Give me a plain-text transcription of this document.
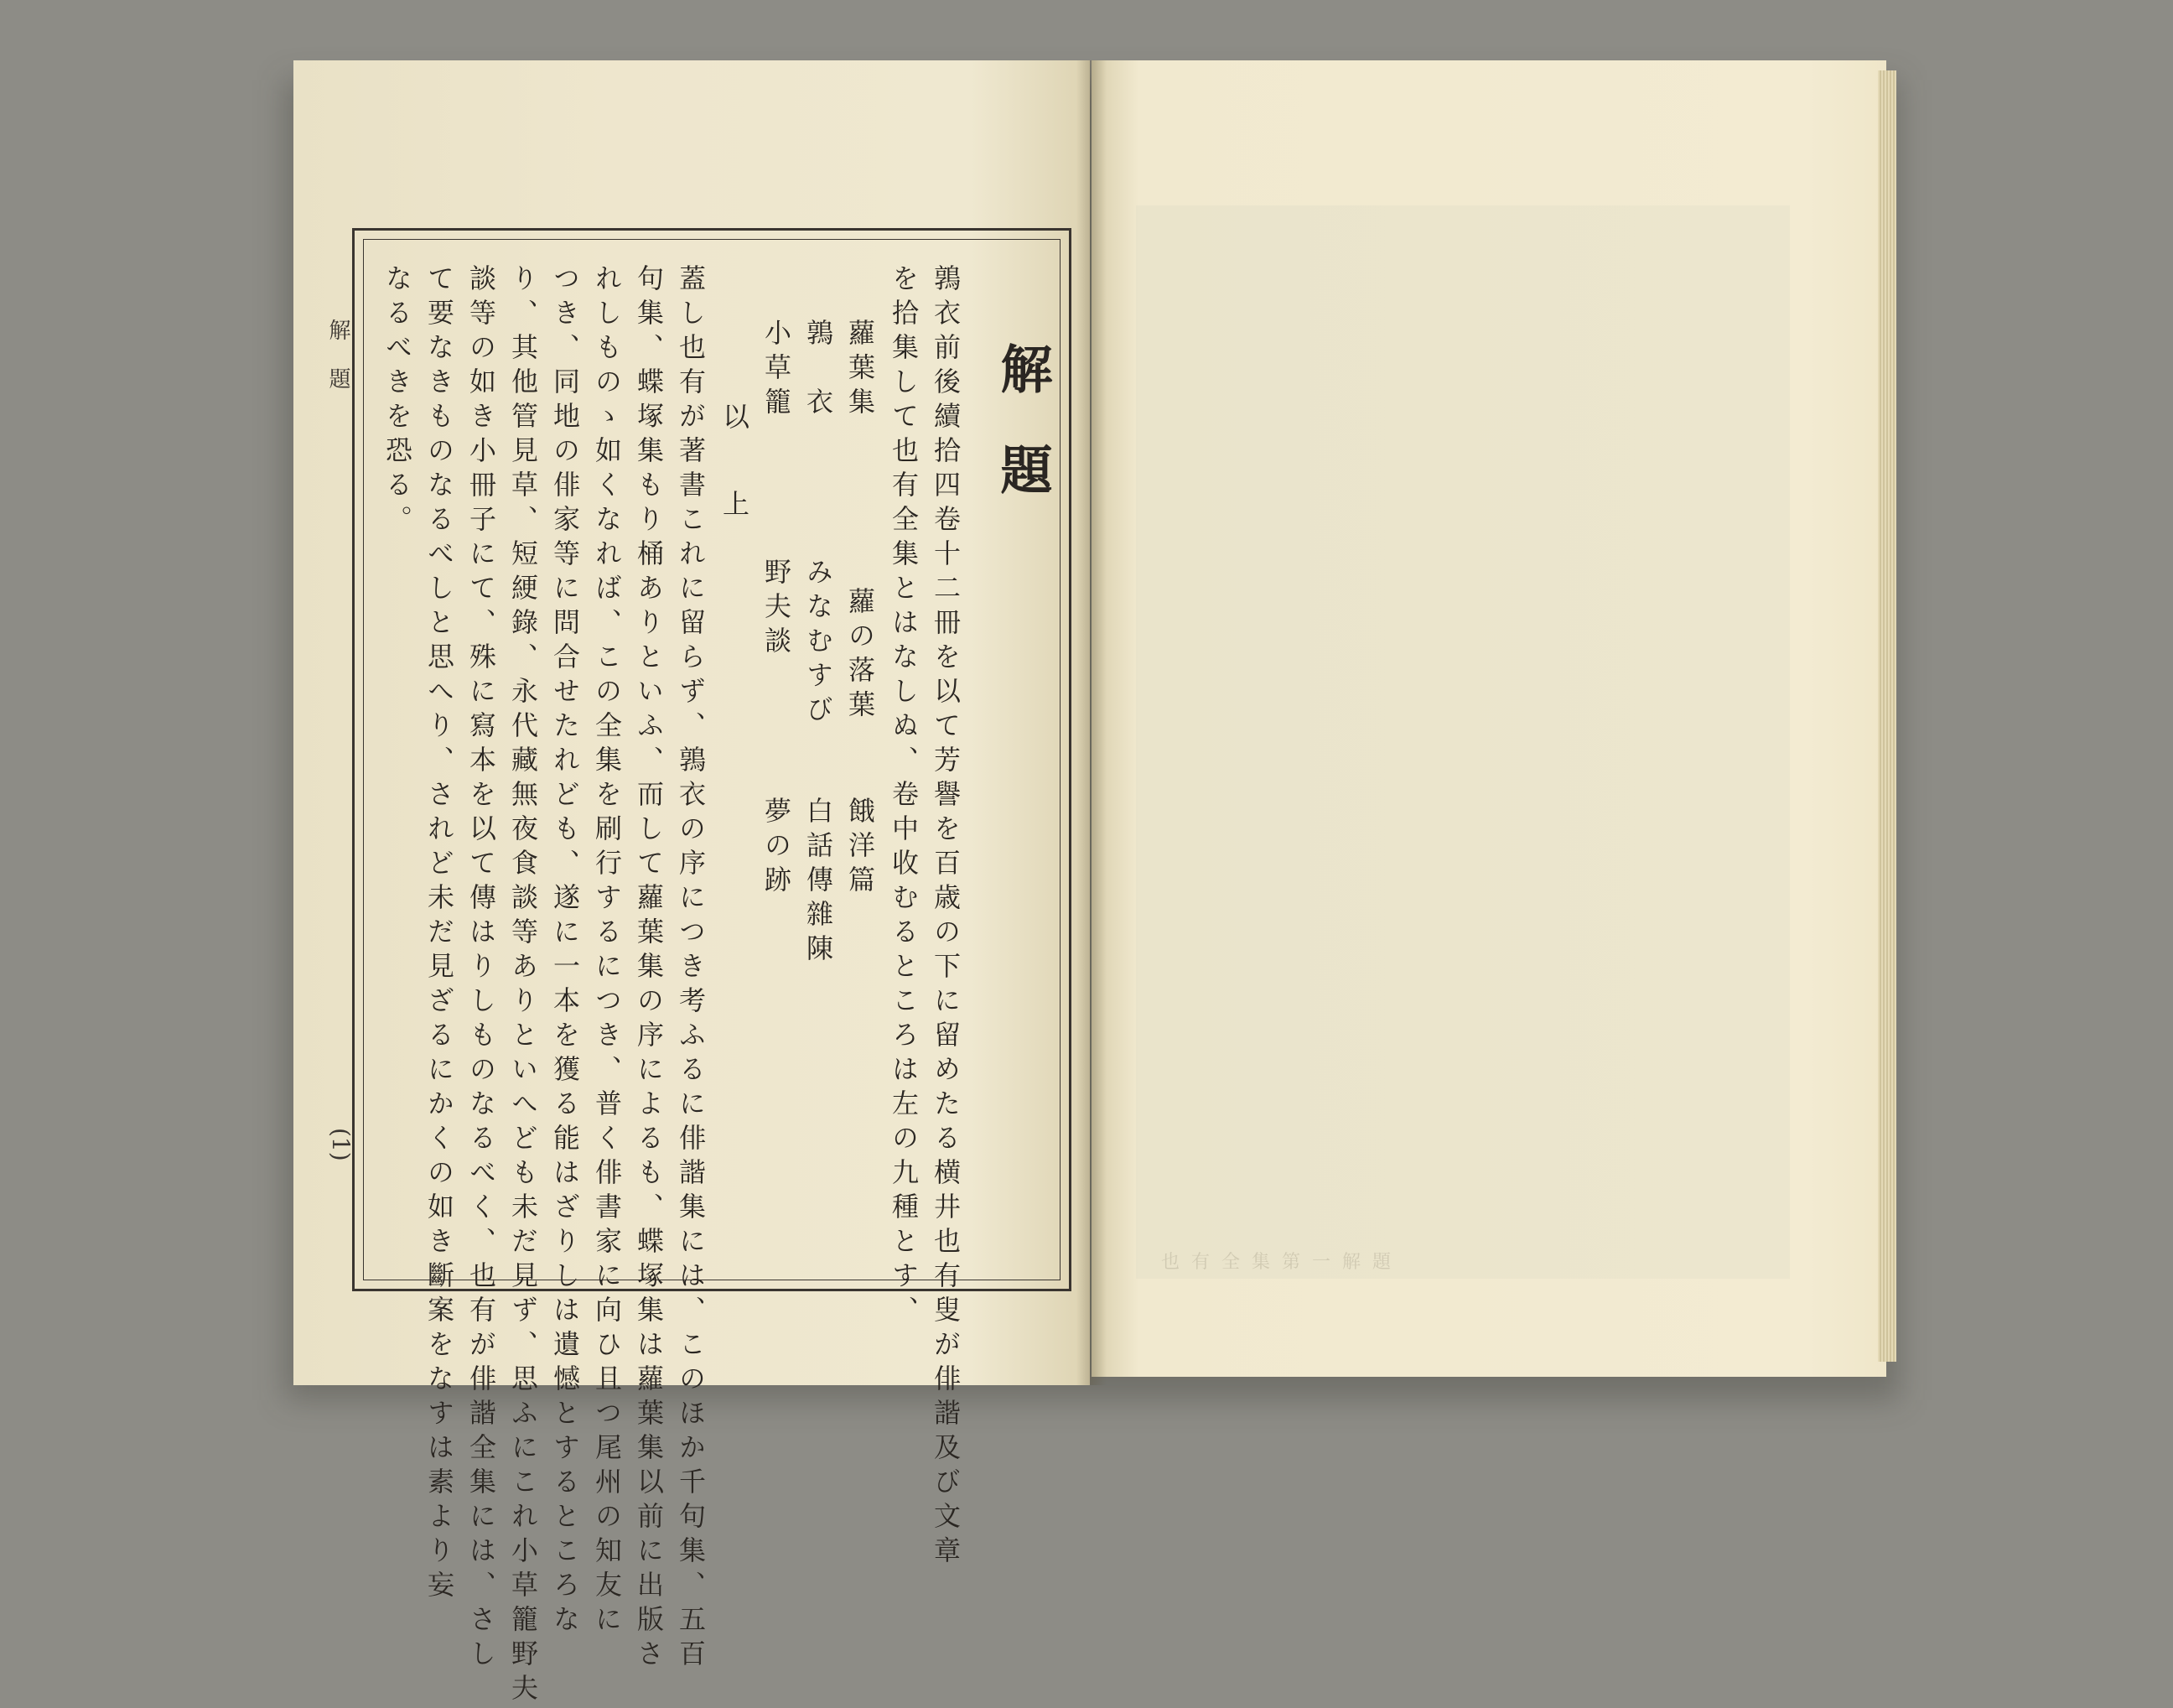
解 題
(1)
解題
鶉衣前後續拾四卷十二冊を以て芳譽を百歳の下に留めたる横井也有叟が俳諧及び文章
を拾集して也有全集とはなしぬ、卷中收むるところは左の九種とす、
蘿葉集
蘿の落葉
餓洋篇
鶉　衣
みなむすび
白話傳雜陳
小草籠
野夫談
夢の跡
以　上
蓋し也有が著書これに留らず、鶉衣の序につき考ふるに俳諧集には、このほか千句集、五百
句集、蝶塚集もり桶ありといふ、而して蘿葉集の序によるも、蝶塚集は蘿葉集以前に出版さ
れしものゝ如くなれば、この全集を刷行するにつき、普く俳書家に向ひ且つ尾州の知友に
つき、同地の俳家等に問合せたれども、遂に一本を獲る能はざりしは遺憾とするところな
り、其他管見草、短綆錄、永代藏無夜食談等ありといへども未だ見ず、思ふにこれ小草籠野夫
談等の如き小冊子にて、殊に寫本を以て傳はりしものなるべく、也有が俳諧全集には、さし
て要なきものなるべしと思へり、されど未だ見ざるにかくの如き斷案をなすは素より妄
なるべきを恐る。
也有全集第一解題
